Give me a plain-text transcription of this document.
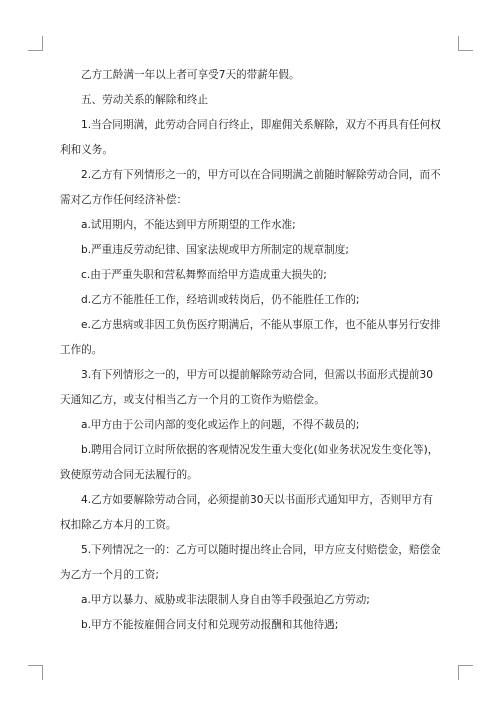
乙方工龄满一年以上者可享受7天的带薪年假。

五、劳动关系的解除和终止

1.当合同期满，此劳动合同自行终止，即雇佣关系解除，双方不再具有任何权利和义务。

2.乙方有下列情形之一的，甲方可以在合同期满之前随时解除劳动合同，而不需对乙方作任何经济补偿：

a.试用期内，不能达到甲方所期望的工作水准;

b.严重违反劳动纪律、国家法规或甲方所制定的规章制度;

c.由于严重失职和营私舞弊而给甲方造成重大损失的;

d.乙方不能胜任工作，经培训或转岗后，仍不能胜任工作的;

e.乙方患病或非因工负伤医疗期满后，不能从事原工作，也不能从事另行安排工作的。

3.有下列情形之一的，甲方可以提前解除劳动合同，但需以书面形式提前30天通知乙方，或支付相当乙方一个月的工资作为赔偿金。

a.甲方由于公司内部的变化或运作上的问题，不得不裁员的;

b.聘用合同订立时所依据的客观情况发生重大变化(如业务状况发生变化等)，致使原劳动合同无法履行的。

4.乙方如要解除劳动合同，必须提前30天以书面形式通知甲方，否则甲方有权扣除乙方本月的工资。

5.下列情况之一的：乙方可以随时提出终止合同，甲方应支付赔偿金，赔偿金为乙方一个月的工资;

a.甲方以暴力、威胁或非法限制人身自由等手段强迫乙方劳动;

b.甲方不能按雇佣合同支付和兑现劳动报酬和其他待遇;
